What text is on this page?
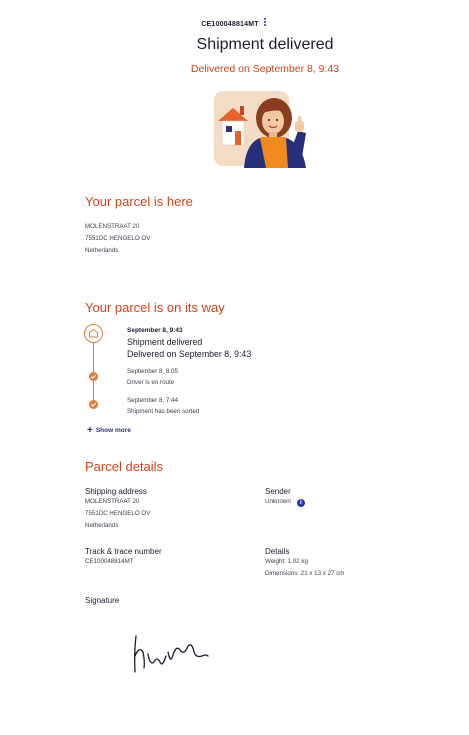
CE100048814MT
Shipment delivered
Delivered on September 8, 9:43
Your parcel is here
MOLENSTRAAT 20
7551DC HENGELO OV
Netherlands
Your parcel is on its way
September 8, 9:43
Shipment delivered
Delivered on September 8, 9:43
September 8, 8:05
Driver is en route
September 8, 7:44
Shipment has been sorted
+ Show more
Parcel details
Shipping address
MOLENSTRAAT 20
7551DC HENGELO OV
Netherlands
Sender
Unknown i
Track & trace number
CE100048814MT
Details
Weight: 1.02 kg
Dimensions: 21 x 13 x 27 cm
Signature
